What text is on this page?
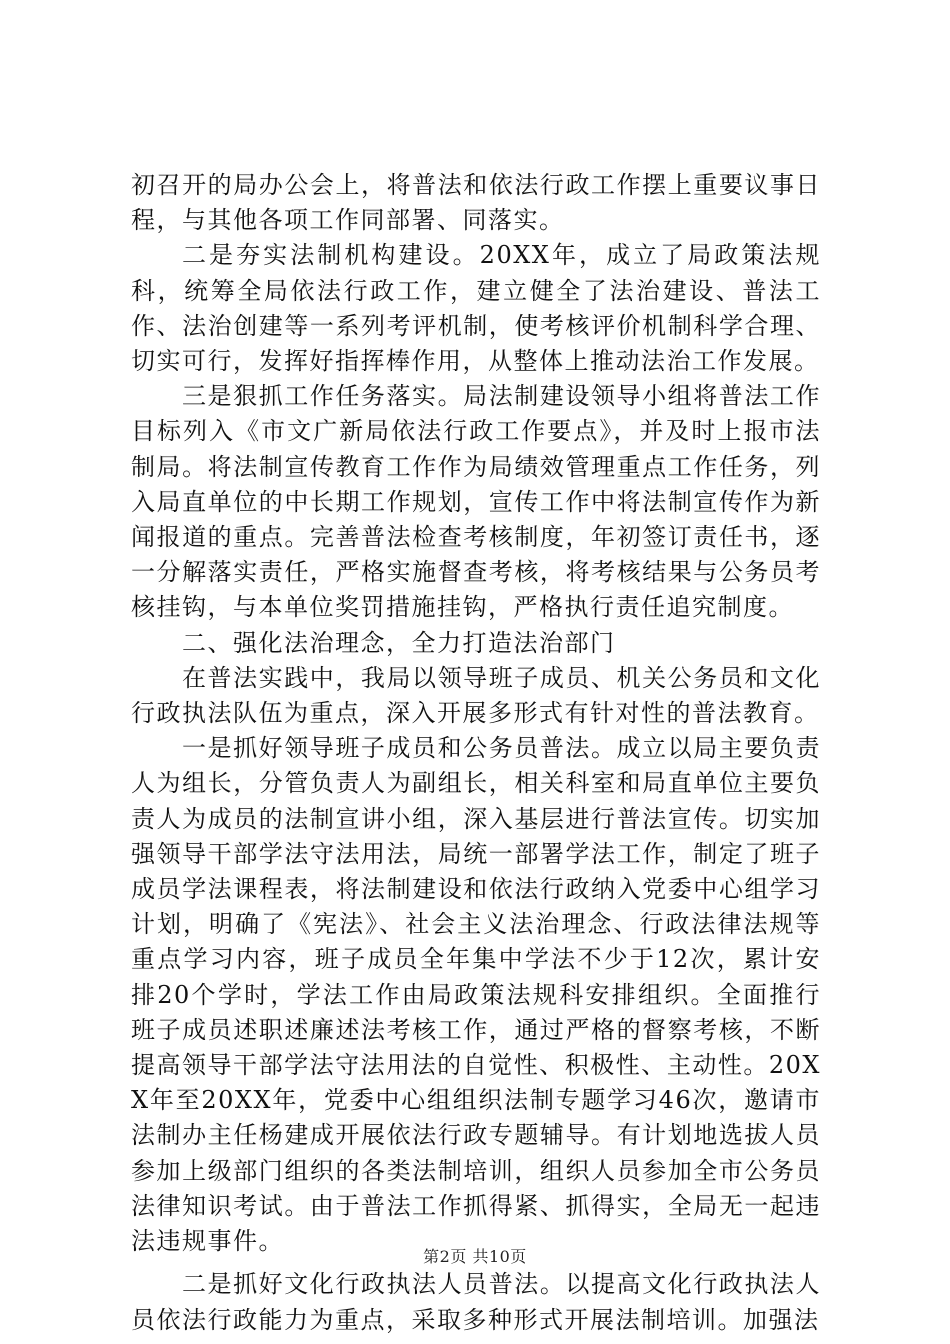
初召开的局办公会上，将普法和依法行政工作摆上重要议事日程，与其他各项工作同部署、同落实。

二是夯实法制机构建设。20XX年，成立了局政策法规科，统筹全局依法行政工作，建立健全了法治建设、普法工作、法治创建等一系列考评机制，使考核评价机制科学合理、切实可行，发挥好指挥棒作用，从整体上推动法治工作发展。

三是狠抓工作任务落实。局法制建设领导小组将普法工作目标列入《市文广新局依法行政工作要点》，并及时上报市法制局。将法制宣传教育工作作为局绩效管理重点工作任务，列入局直单位的中长期工作规划，宣传工作中将法制宣传作为新闻报道的重点。完善普法检查考核制度，年初签订责任书，逐一分解落实责任，严格实施督查考核，将考核结果与公务员考核挂钩，与本单位奖罚措施挂钩，严格执行责任追究制度。

二、强化法治理念，全力打造法治部门

在普法实践中，我局以领导班子成员、机关公务员和文化行政执法队伍为重点，深入开展多形式有针对性的普法教育。

一是抓好领导班子成员和公务员普法。成立以局主要负责人为组长，分管负责人为副组长，相关科室和局直单位主要负责人为成员的法制宣讲小组，深入基层进行普法宣传。切实加强领导干部学法守法用法，局统一部署学法工作，制定了班子成员学法课程表，将法制建设和依法行政纳入党委中心组学习计划，明确了《宪法》、社会主义法治理念、行政法律法规等重点学习内容，班子成员全年集中学法不少于12次，累计安排20个学时，学法工作由局政策法规科安排组织。全面推行班子成员述职述廉述法考核工作，通过严格的督察考核，不断提高领导干部学法守法用法的自觉性、积极性、主动性。20XX年至20XX年，党委中心组组织法制专题学习46次，邀请市法制办主任杨建成开展依法行政专题辅导。有计划地选拔人员参加上级部门组织的各类法制培训，组织人员参加全市公务员法律知识考试。由于普法工作抓得紧、抓得实，全局无一起违法违规事件。

二是抓好文化行政执法人员普法。以提高文化行政执法人员依法行政能力为重点，采取多种形式开展法制培训。加强法

第2页 共10页
